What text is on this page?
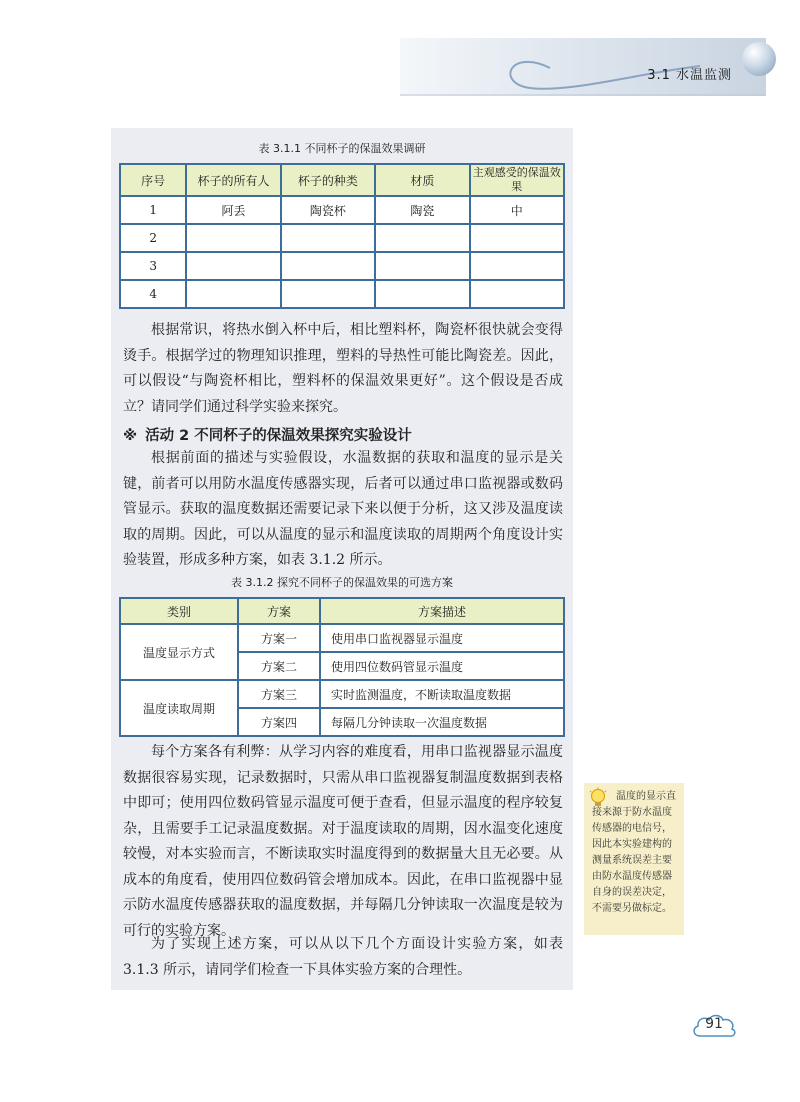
3.1 水温监测
表 3.1.1 不同杯子的保温效果调研
序号	杯子的所有人	杯子的种类	材质	主观感受的保温效果
1	阿丢	陶瓷杯	陶瓷	中
2				
3				
4				

根据常识，将热水倒入杯中后，相比塑料杯，陶瓷杯很快就会变得烫手。根据学过的物理知识推理，塑料的导热性可能比陶瓷差。因此，可以假设“与陶瓷杯相比，塑料杯的保温效果更好”。这个假设是否成立？请同学们通过科学实验来探究。

※ 活动 2 不同杯子的保温效果探究实验设计

根据前面的描述与实验假设，水温数据的获取和温度的显示是关键，前者可以用防水温度传感器实现，后者可以通过串口监视器或数码管显示。获取的温度数据还需要记录下来以便于分析，这又涉及温度读取的周期。因此，可以从温度的显示和温度读取的周期两个角度设计实验装置，形成多种方案，如表 3.1.2 所示。

表 3.1.2 探究不同杯子的保温效果的可选方案
类别	方案	方案描述
温度显示方式	方案一	使用串口监视器显示温度
	方案二	使用四位数码管显示温度
温度读取周期	方案三	实时监测温度，不断读取温度数据
	方案四	每隔几分钟读取一次温度数据

每个方案各有利弊：从学习内容的难度看，用串口监视器显示温度数据很容易实现，记录数据时，只需从串口监视器复制温度数据到表格中即可；使用四位数码管显示温度可便于查看，但显示温度的程序较复杂，且需要手工记录温度数据。对于温度读取的周期，因水温变化速度较慢，对本实验而言，不断读取实时温度得到的数据量大且无必要。从成本的角度看，使用四位数码管会增加成本。因此，在串口监视器中显示防水温度传感器获取的温度数据，并每隔几分钟读取一次温度是较为可行的实验方案。

为了实现上述方案，可以从以下几个方面设计实验方案，如表 3.1.3 所示，请同学们检查一下具体实验方案的合理性。

温度的显示直接来源于防水温度传感器的电信号，因此本实验建构的测量系统误差主要由防水温度传感器自身的误差决定，不需要另做标定。

91
